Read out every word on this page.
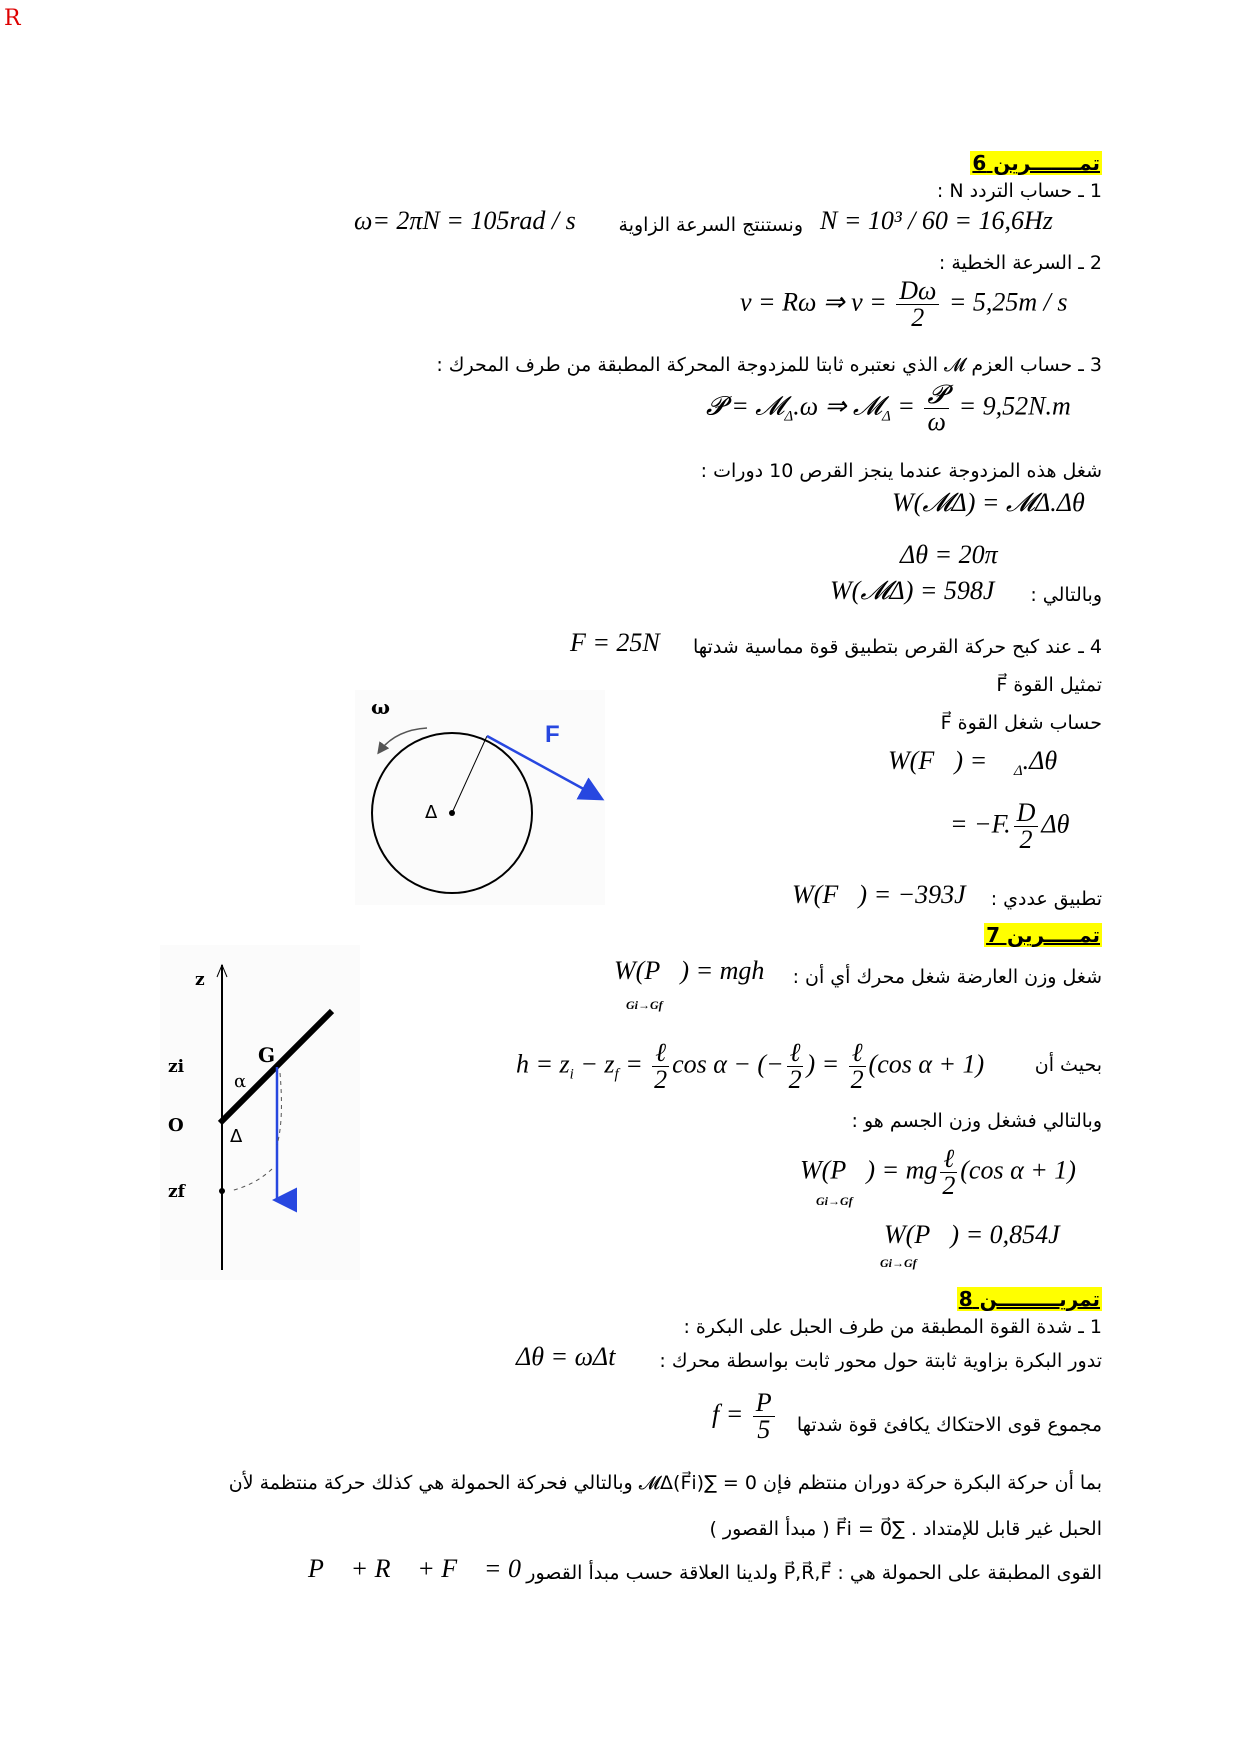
R
تمـــــــرين 6
1 ـ حساب التردد N :
N = 10³ / 60 = 16,6Hz
ونستنتج السرعة الزاوية
ω= 2πN = 105rad / s
2 ـ السرعة الخطية :
v = Rω ⇒ $v = \frac{D\omega}{2} = 5,25m / s$
3 ـ حساب العزم 𝓜 الذي نعتبره ثابتا للمزدوجة المحركة المطبقة من طرف المحرك :
𝓟 = 𝓜$_\Delta$.ω ⇒ 𝓜$_\Delta$ = $\frac{\text{𝓟}}{\omega} = 9,52N.m$
شغل هذه المزدوجة عندما ينجز القرص 10 دورات :
W(𝓜Δ) = 𝓜Δ.Δθ
Δθ = 20π
وبالتالي :
W(𝓜Δ) = 598J
4 ـ عند كبح حركة القرص بتطبيق قوة مماسية شدتها
F = 25N
تمثيل القوة F⃗
حساب شغل القوة F⃗
W(F⃗) = 𝓜$_\Delta$.Δθ
= −F. $\frac{D}{2}$ Δθ
تطبيق عددي :
W(F⃗) = −393J
ω
F
Δ
تمـــــرين 7
شغل وزن العارضة شغل محرك أي أن :
W(P⃗) = mgh
Gi→Gf
بحيث أن
$h = z_i - z_f = \frac{\text{ℓ}}{2}$ cos α − (− $\frac{\text{ℓ}}{2}$ ) = $\frac{\text{ℓ}}{2} (\cos$ α + 1)
وبالتالي فشغل وزن الجسم هو :
W(P⃗) = mg $\frac{\text{ℓ}}{2} (\cos$ α + 1)
Gi→Gf
W(P⃗) = 0,854J
Gi→Gf
z
zi
O
zf
G
α
Δ
تمريـــــــــن 8
1 ـ شدة القوة المطبقة من طرف الحبل على البكرة :
تدور البكرة بزاوية ثابتة حول محور ثابت بواسطة محرك :
Δθ = ωΔt
مجموع قوى الاحتكاك يكافئ قوة شدتها
$f = \frac{P}{5}$
بما أن حركة البكرة حركة دوران منتظم فإن 0 = ∑𝓜Δ(F⃗i) وبالتالي فحركة الحمولة هي كذلك حركة منتظمة لأن
الحبل غير قابل للإمتداد . ∑F⃗i = 0⃗ ( مبدأ القصور )
القوى المطبقة على الحمولة هي : P⃗,R⃗,F⃗ ولدينا العلاقة حسب مبدأ القصور
P⃗ + R⃗ + F⃗ = 0⃗
